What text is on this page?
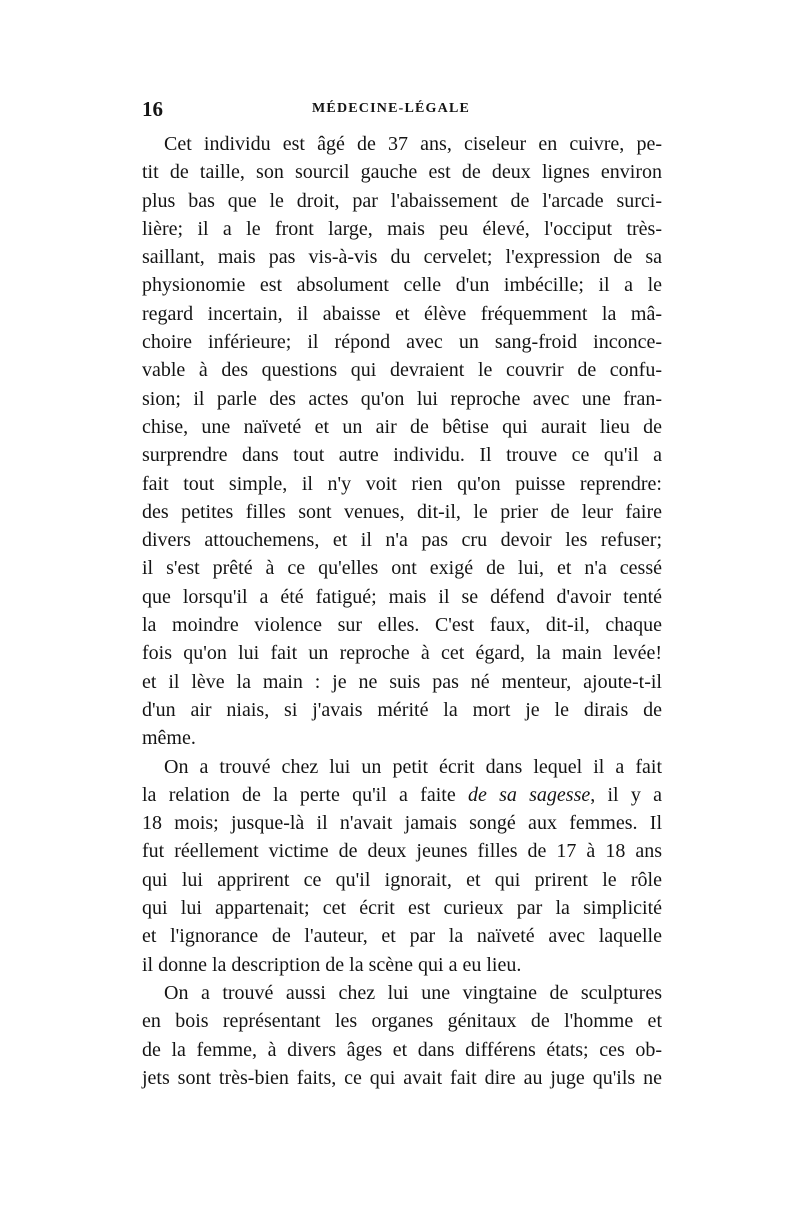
16	MÉDECINE-LÉGALE
Cet individu est âgé de 37 ans, ciseleur en cuivre, pe-
tit de taille, son sourcil gauche est de deux lignes environ
plus bas que le droit, par l'abaissement de l'arcade surci-
lière; il a le front large, mais peu élevé, l'occiput très-
saillant, mais pas vis-à-vis du cervelet; l'expression de sa
physionomie est absolument celle d'un imbécille; il a le
regard incertain, il abaisse et élève fréquemment la mâ-
choire inférieure; il répond avec un sang-froid inconce-
vable à des questions qui devraient le couvrir de confu-
sion; il parle des actes qu'on lui reproche avec une fran-
chise, une naïveté et un air de bêtise qui aurait lieu de
surprendre dans tout autre individu. Il trouve ce qu'il a
fait tout simple, il n'y voit rien qu'on puisse reprendre:
des petites filles sont venues, dit-il, le prier de leur faire
divers attouchemens, et il n'a pas cru devoir les refuser;
il s'est prêté à ce qu'elles ont exigé de lui, et n'a cessé
que lorsqu'il a été fatigué; mais il se défend d'avoir tenté
la moindre violence sur elles. C'est faux, dit-il, chaque
fois qu'on lui fait un reproche à cet égard, la main levée!
et il lève la main : je ne suis pas né menteur, ajoute-t-il
d'un air niais, si j'avais mérité la mort je le dirais de
même.
On a trouvé chez lui un petit écrit dans lequel il a fait
la relation de la perte qu'il a faite de sa sagesse, il y a
18 mois; jusque-là il n'avait jamais songé aux femmes. Il
fut réellement victime de deux jeunes filles de 17 à 18 ans
qui lui apprirent ce qu'il ignorait, et qui prirent le rôle
qui lui appartenait; cet écrit est curieux par la simplicité
et l'ignorance de l'auteur, et par la naïveté avec laquelle
il donne la description de la scène qui a eu lieu.
On a trouvé aussi chez lui une vingtaine de sculptures
en bois représentant les organes génitaux de l'homme et
de la femme, à divers âges et dans différens états; ces ob-
jets sont très-bien faits, ce qui avait fait dire au juge qu'ils ne
